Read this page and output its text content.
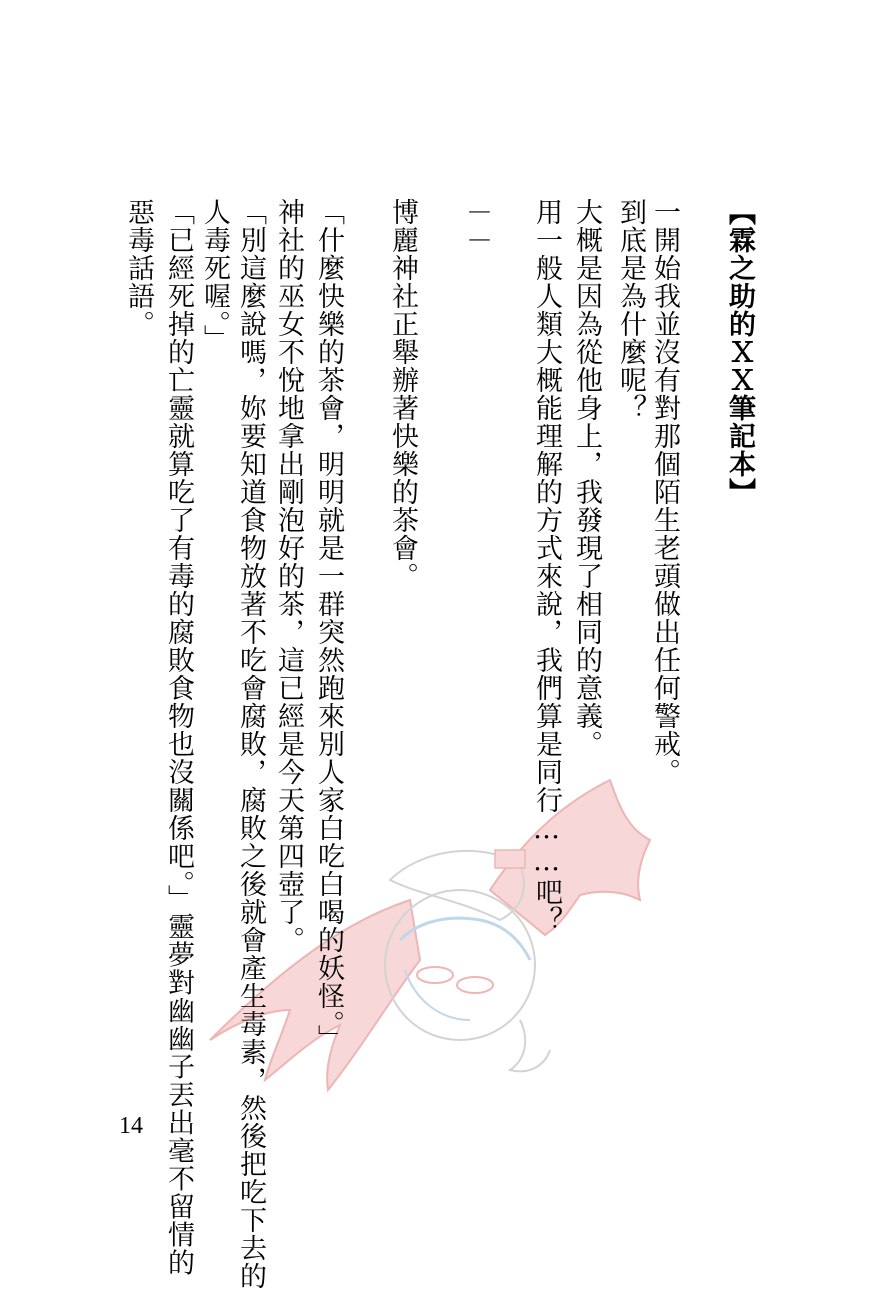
【霖之助的ＸＸ筆記本】
一開始我並沒有對那個陌生老頭做出任何警戒。
到底是為什麼呢？
大概是因為從他身上，我發現了相同的意義。
用一般人類大概能理解的方式來說，我們算是同行……吧？
－－
博麗神社正舉辦著快樂的茶會。
「什麼快樂的茶會，明明就是一群突然跑來別人家白吃白喝的妖怪。」
神社的巫女不悅地拿出剛泡好的茶，這已經是今天第四壺了。
「別這麼說嗎，妳要知道食物放著不吃會腐敗，腐敗之後就會產生毒素，然後把吃下去的
人毒死喔。」
「已經死掉的亡靈就算吃了有毒的腐敗食物也沒關係吧。」靈夢對幽幽子丟出毫不留情的
惡毒話語。
14
